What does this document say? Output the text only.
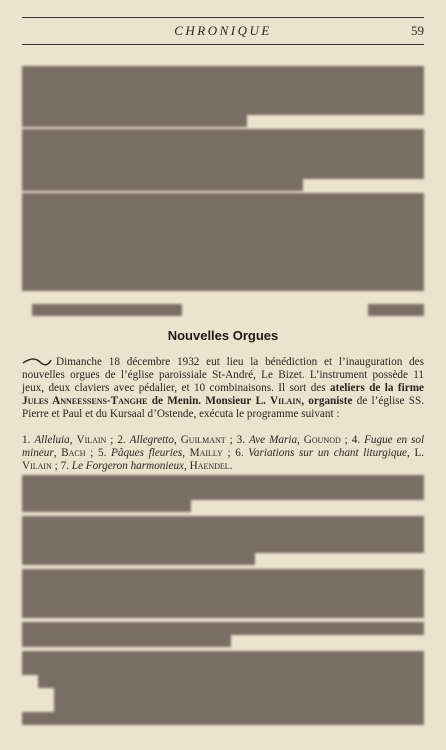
CHRONIQUE	59
Nouvelles Orgues
Dimanche 18 décembre 1932 eut lieu la bénédiction et l’inauguration des nouvelles orgues de l’église paroissiale St-André, Le Bizet. L’instrument possède 11 jeux, deux claviers avec pédalier, et 10 combinaisons. Il sort des ateliers de la firme Jules Anneessens-Tanghe de Menin. Monsieur L. Vilain, organiste de l’église SS. Pierre et Paul et du Kursaal d’Ostende, exécuta le programme suivant :
1. Alleluia, Vilain ; 2. Allegretto, Guilmant ; 3. Ave Maria, Gounod ; 4. Fugue en sol mineur, Bach ; 5. Pâques fleuries, Mailly ; 6. Variations sur un chant liturgique, L. Vilain ; 7. Le Forgeron harmonieux, Haendel.
